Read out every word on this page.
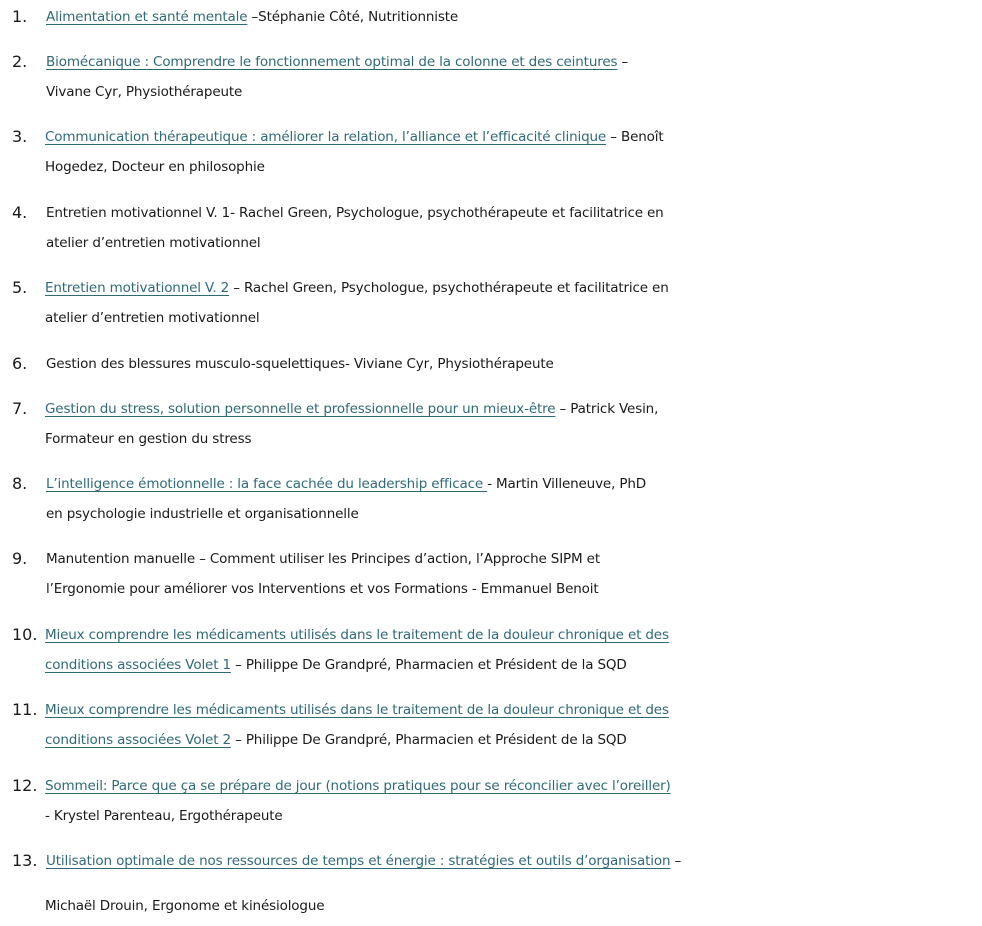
1.	Alimentation et santé mentale –Stéphanie Côté, Nutritionniste
2.	Biomécanique : Comprendre le fonctionnement optimal de la colonne et des ceintures –
Vivane Cyr, Physiothérapeute
3.	Communication thérapeutique : améliorer la relation, l’alliance et l’efficacité clinique – Benoît
Hogedez, Docteur en philosophie
4.	Entretien motivationnel V. 1- Rachel Green, Psychologue, psychothérapeute et facilitatrice en
atelier d’entretien motivationnel
5.	Entretien motivationnel V. 2 – Rachel Green, Psychologue, psychothérapeute et facilitatrice en
atelier d’entretien motivationnel
6.	Gestion des blessures musculo-squelettiques- Viviane Cyr, Physiothérapeute
7.	Gestion du stress, solution personnelle et professionnelle pour un mieux-être – Patrick Vesin,
Formateur en gestion du stress
8.	L’intelligence émotionnelle : la face cachée du leadership efficace - Martin Villeneuve, PhD
en psychologie industrielle et organisationnelle
9.	Manutention manuelle – Comment utiliser les Principes d’action, l’Approche SIPM et
l’Ergonomie pour améliorer vos Interventions et vos Formations - Emmanuel Benoit
10. Mieux comprendre les médicaments utilisés dans le traitement de la douleur chronique et des
conditions associées Volet 1 – Philippe De Grandpré, Pharmacien et Président de la SQD
11. Mieux comprendre les médicaments utilisés dans le traitement de la douleur chronique et des
conditions associées Volet 2 – Philippe De Grandpré, Pharmacien et Président de la SQD
12. Sommeil: Parce que ça se prépare de jour (notions pratiques pour se réconcilier avec l’oreiller)
- Krystel Parenteau, Ergothérapeute
13. Utilisation optimale de nos ressources de temps et énergie : stratégies et outils d’organisation –
Michaël Drouin, Ergonome et kinésiologue
